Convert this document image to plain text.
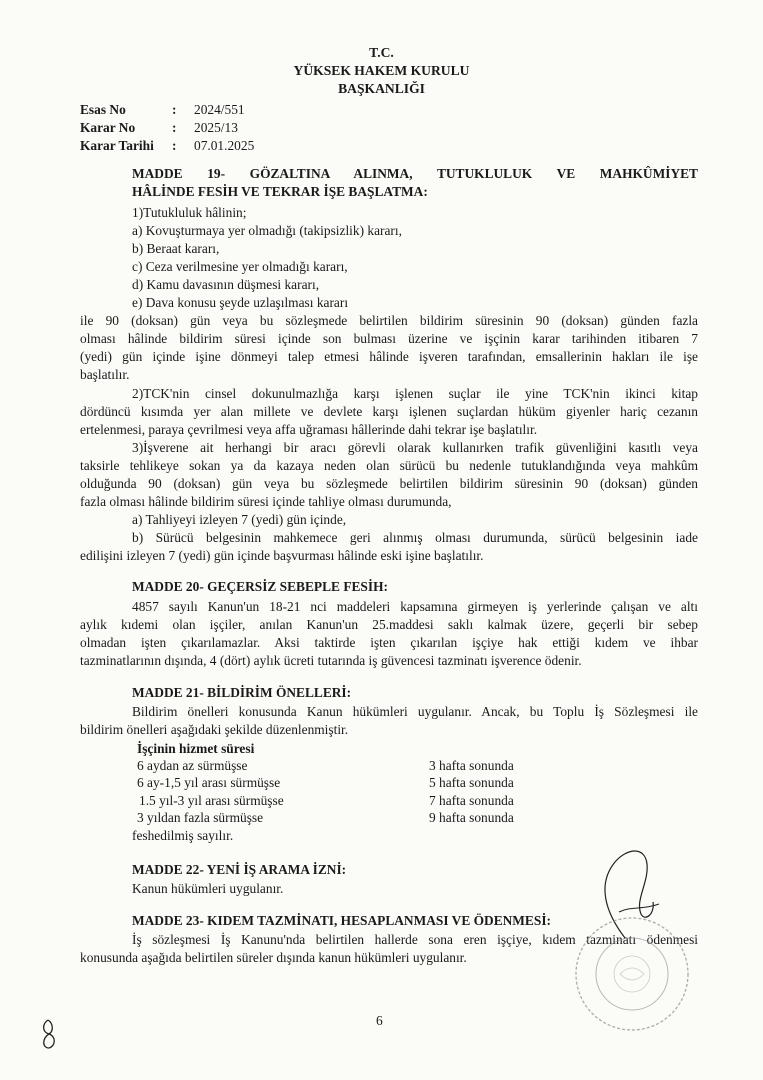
T.C.
YÜKSEK HAKEM KURULU
BAŞKANLIĞI
Esas No	: 2024/551
Karar No	: 2025/13
Karar Tarihi : 07.01.2025
MADDE 19- GÖZALTINA ALINMA, TUTUKLULUK VE MAHKÛMİYET
HÂLİNDE FESİH VE TEKRAR İŞE BAŞLATMA:
1)Tutukluluk hâlinin;
a) Kovuşturmaya yer olmadığı (takipsizlik) kararı,
b) Beraat kararı,
c) Ceza verilmesine yer olmadığı kararı,
d) Kamu davasının düşmesi kararı,
e) Dava konusu şeyde uzlaşılması kararı
ile 90 (doksan) gün veya bu sözleşmede belirtilen bildirim süresinin 90 (doksan) günden fazla
olması hâlinde bildirim süresi içinde son bulması üzerine ve işçinin karar tarihinden itibaren 7
(yedi) gün içinde işine dönmeyi talep etmesi hâlinde işveren tarafından, emsallerinin hakları ile işe
başlatılır.
2)TCK'nin cinsel dokunulmazlığa karşı işlenen suçlar ile yine TCK'nin ikinci kitap
dördüncü kısımda yer alan millete ve devlete karşı işlenen suçlardan hüküm giyenler hariç cezanın
ertelenmesi, paraya çevrilmesi veya affa uğraması hâllerinde dahi tekrar işe başlatılır.
3)İşverene ait herhangi bir aracı görevli olarak kullanırken trafik güvenliğini kasıtlı veya
taksirle tehlikeye sokan ya da kazaya neden olan sürücü bu nedenle tutuklandığında veya mahkûm
olduğunda 90 (doksan) gün veya bu sözleşmede belirtilen bildirim süresinin 90 (doksan) günden
fazla olması hâlinde bildirim süresi içinde tahliye olması durumunda,
a) Tahliyeyi izleyen 7 (yedi) gün içinde,
b) Sürücü belgesinin mahkemece geri alınmış olması durumunda, sürücü belgesinin iade
edilişini izleyen 7 (yedi) gün içinde başvurması hâlinde eski işine başlatılır.
MADDE 20- GEÇERSİZ SEBEPLE FESİH:
4857 sayılı Kanun'un 18-21 nci maddeleri kapsamına girmeyen iş yerlerinde çalışan ve altı
aylık kıdemi olan işçiler, anılan Kanun'un 25.maddesi saklı kalmak üzere, geçerli bir sebep
olmadan işten çıkarılamazlar. Aksi taktirde işten çıkarılan işçiye hak ettiği kıdem ve ihbar
tazminatlarının dışında, 4 (dört) aylık ücreti tutarında iş güvencesi tazminatı işverence ödenir.
MADDE 21- BİLDİRİM ÖNELLERİ:
Bildirim önelleri konusunda Kanun hükümleri uygulanır. Ancak, bu Toplu İş Sözleşmesi ile
bildirim önelleri aşağıdaki şekilde düzenlenmiştir.
İşçinin hizmet süresi
6 aydan az sürmüşse	3 hafta sonunda
6 ay-1,5 yıl arası sürmüşse	5 hafta sonunda
1.5 yıl-3 yıl arası sürmüşse	7 hafta sonunda
3 yıldan fazla sürmüşse	9 hafta sonunda
feshedilmiş sayılır.
MADDE 22- YENİ İŞ ARAMA İZNİ:
Kanun hükümleri uygulanır.
MADDE 23- KIDEM TAZMİNATI, HESAPLANMASI VE ÖDENMESİ:
İş sözleşmesi İş Kanunu'nda belirtilen hallerde sona eren işçiye, kıdem tazminatı ödenmesi
konusunda aşağıda belirtilen süreler dışında kanun hükümleri uygulanır.
6
